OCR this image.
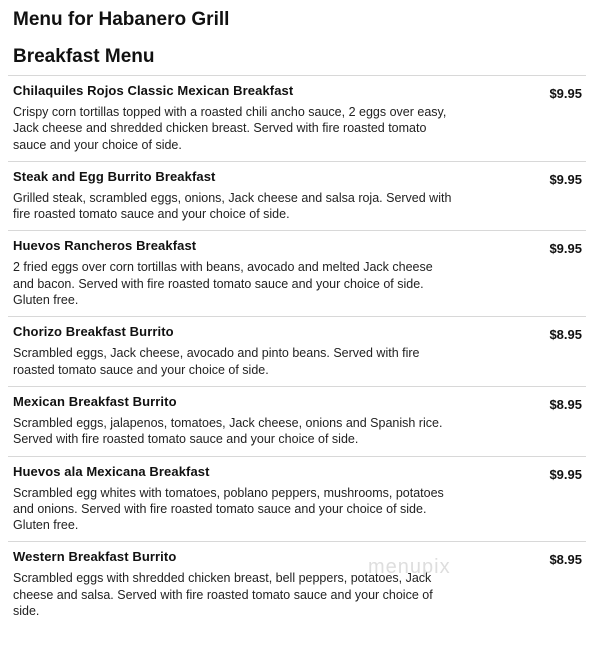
Menu for Habanero Grill
Breakfast Menu
Chilaquiles Rojos Classic Mexican Breakfast	$9.95

Crispy corn tortillas topped with a roasted chili ancho sauce, 2 eggs over easy, Jack cheese and shredded chicken breast. Served with fire roasted tomato sauce and your choice of side.

Steak and Egg Burrito Breakfast	$9.95

Grilled steak, scrambled eggs, onions, Jack cheese and salsa roja. Served with fire roasted tomato sauce and your choice of side.

Huevos Rancheros Breakfast	$9.95

2 fried eggs over corn tortillas with beans, avocado and melted Jack cheese and bacon. Served with fire roasted tomato sauce and your choice of side. Gluten free.

Chorizo Breakfast Burrito	$8.95

Scrambled eggs, Jack cheese, avocado and pinto beans. Served with fire roasted tomato sauce and your choice of side.

Mexican Breakfast Burrito	$8.95

Scrambled eggs, jalapenos, tomatoes, Jack cheese, onions and Spanish rice. Served with fire roasted tomato sauce and your choice of side.

Huevos ala Mexicana Breakfast	$9.95

Scrambled egg whites with tomatoes, poblano peppers, mushrooms, potatoes and onions. Served with fire roasted tomato sauce and your choice of side. Gluten free.

Western Breakfast Burrito	$8.95

Scrambled eggs with shredded chicken breast, bell peppers, potatoes, Jack cheese and salsa. Served with fire roasted tomato sauce and your choice of side.

menupix
